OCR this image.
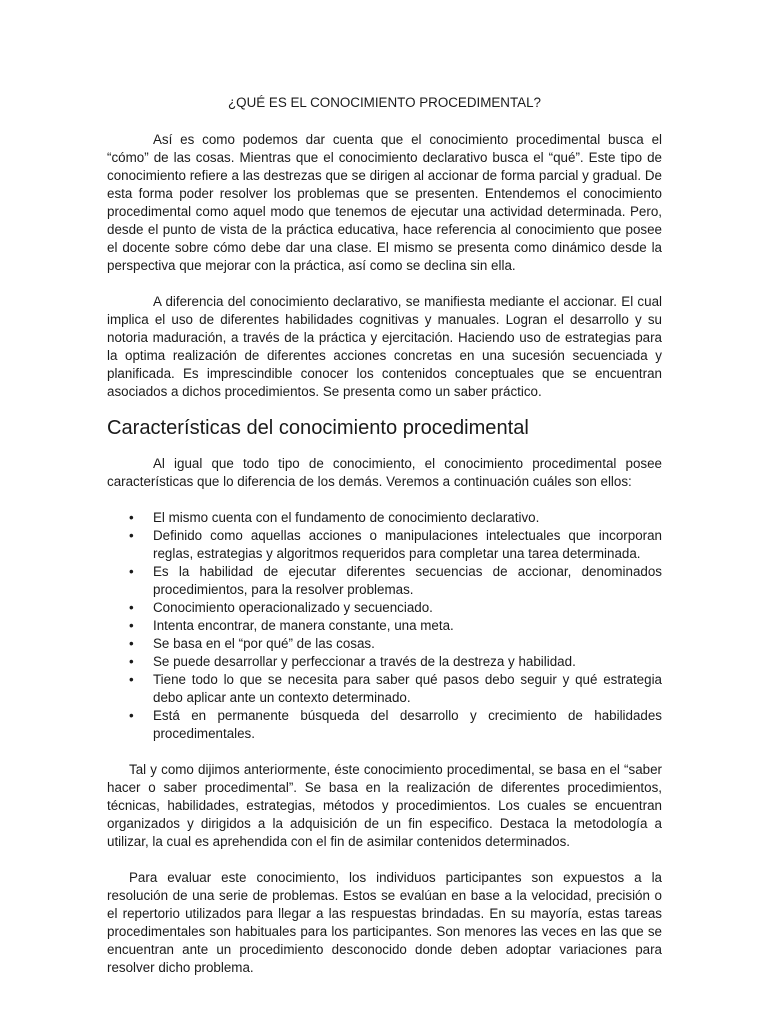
¿QUÉ ES EL CONOCIMIENTO PROCEDIMENTAL?

Así es como podemos dar cuenta que el conocimiento procedimental busca el “cómo” de las cosas. Mientras que el conocimiento declarativo busca el “qué”. Este tipo de conocimiento refiere a las destrezas que se dirigen al accionar de forma parcial y gradual. De esta forma poder resolver los problemas que se presenten. Entendemos el conocimiento procedimental como aquel modo que tenemos de ejecutar una actividad determinada. Pero, desde el punto de vista de la práctica educativa, hace referencia al conocimiento que posee el docente sobre cómo debe dar una clase. El mismo se presenta como dinámico desde la perspectiva que mejorar con la práctica, así como se declina sin ella.

A diferencia del conocimiento declarativo, se manifiesta mediante el accionar. El cual implica el uso de diferentes habilidades cognitivas y manuales. Logran el desarrollo y su notoria maduración, a través de la práctica y ejercitación. Haciendo uso de estrategias para la optima realización de diferentes acciones concretas en una sucesión secuenciada y planificada. Es imprescindible conocer los contenidos conceptuales que se encuentran asociados a dichos procedimientos. Se presenta como un saber práctico.

Características del conocimiento procedimental

Al igual que todo tipo de conocimiento, el conocimiento procedimental posee características que lo diferencia de los demás. Veremos a continuación cuáles son ellos:

• El mismo cuenta con el fundamento de conocimiento declarativo.
• Definido como aquellas acciones o manipulaciones intelectuales que incorporan reglas, estrategias y algoritmos requeridos para completar una tarea determinada.
• Es la habilidad de ejecutar diferentes secuencias de accionar, denominados procedimientos, para la resolver problemas.
• Conocimiento operacionalizado y secuenciado.
• Intenta encontrar, de manera constante, una meta.
• Se basa en el “por qué” de las cosas.
• Se puede desarrollar y perfeccionar a través de la destreza y habilidad.
• Tiene todo lo que se necesita para saber qué pasos debo seguir y qué estrategia debo aplicar ante un contexto determinado.
• Está en permanente búsqueda del desarrollo y crecimiento de habilidades procedimentales.

Tal y como dijimos anteriormente, éste conocimiento procedimental, se basa en el “saber hacer o saber procedimental”. Se basa en la realización de diferentes procedimientos, técnicas, habilidades, estrategias, métodos y procedimientos. Los cuales se encuentran organizados y dirigidos a la adquisición de un fin especifico. Destaca la metodología a utilizar, la cual es aprehendida con el fin de asimilar contenidos determinados.

Para evaluar este conocimiento, los individuos participantes son expuestos a la resolución de una serie de problemas. Estos se evalúan en base a la velocidad, precisión o el repertorio utilizados para llegar a las respuestas brindadas. En su mayoría, estas tareas procedimentales son habituales para los participantes. Son menores las veces en las que se encuentran ante un procedimiento desconocido donde deben adoptar variaciones para resolver dicho problema.
